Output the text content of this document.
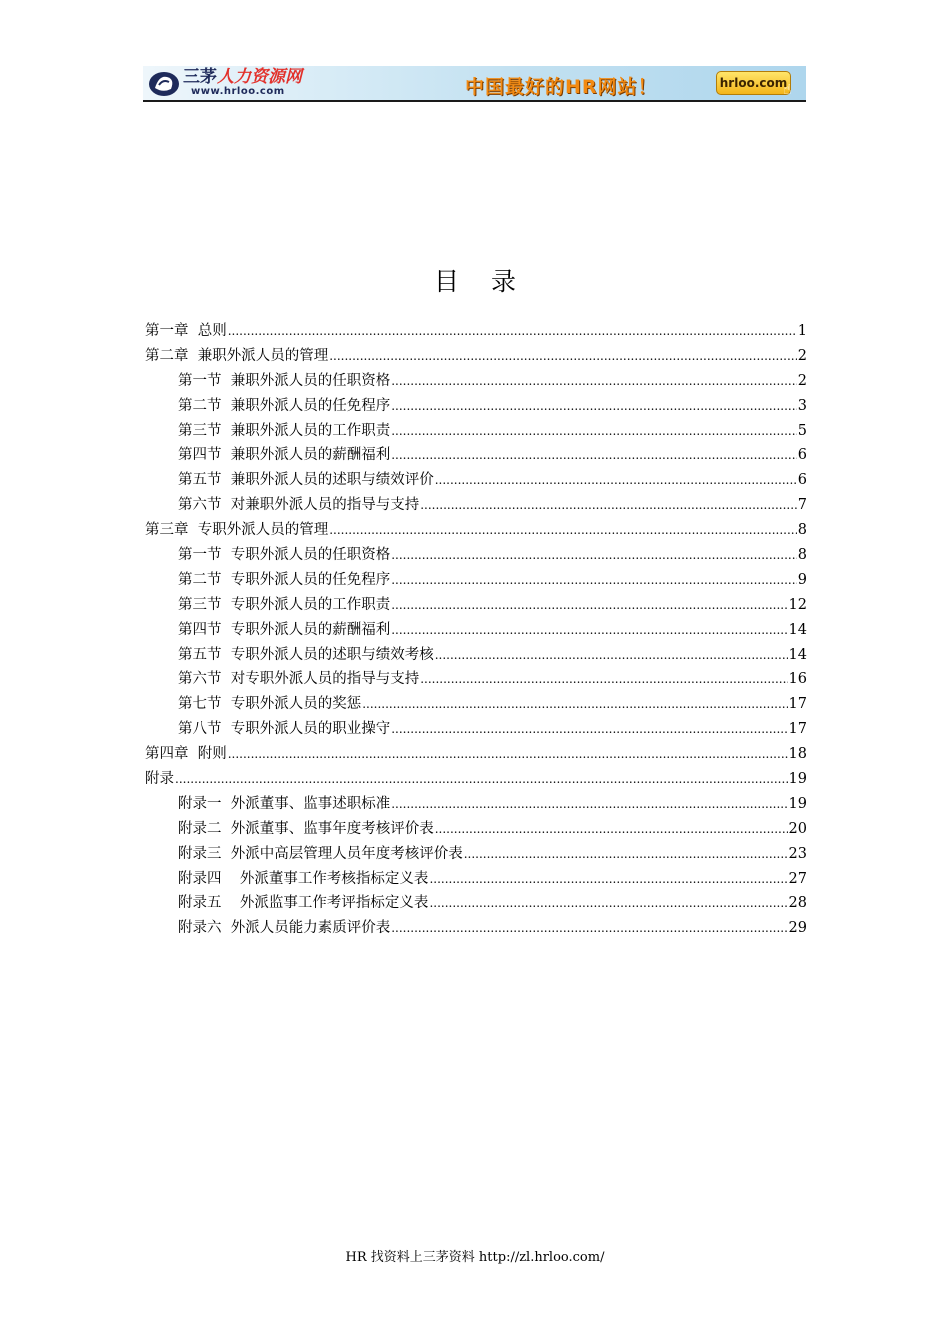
三茅人力资源网
www.hrloo.com	中国最好的HR网站！	hrloo.com
☝
目 录
第一章  总则 .....	1
第二章  兼职外派人员的管理 .....	2
第一节  兼职外派人员的任职资格 .....	2
第二节  兼职外派人员的任免程序 .....	3
第三节  兼职外派人员的工作职责 .....	5
第四节  兼职外派人员的薪酬福利 .....	6
第五节  兼职外派人员的述职与绩效评价 .....	6
第六节  对兼职外派人员的指导与支持 .....	7
第三章  专职外派人员的管理 .....	8
第一节  专职外派人员的任职资格 .....	8
第二节  专职外派人员的任免程序 .....	9
第三节  专职外派人员的工作职责 .....	12
第四节  专职外派人员的薪酬福利 .....	14
第五节  专职外派人员的述职与绩效考核 .....	14
第六节  对专职外派人员的指导与支持 .....	16
第七节  专职外派人员的奖惩 .....	17
第八节  专职外派人员的职业操守 .....	17
第四章  附则 .....	18
附录 .....	19
附录一  外派董事、监事述职标准 .....	19
附录二  外派董事、监事年度考核评价表 .....	20
附录三  外派中高层管理人员年度考核评价表 .....	23
附录四    外派董事工作考核指标定义表 .....	27
附录五    外派监事工作考评指标定义表 .....	28
附录六  外派人员能力素质评价表 .....	29
HR 找资料上三茅资料 http://zl.hrloo.com/
